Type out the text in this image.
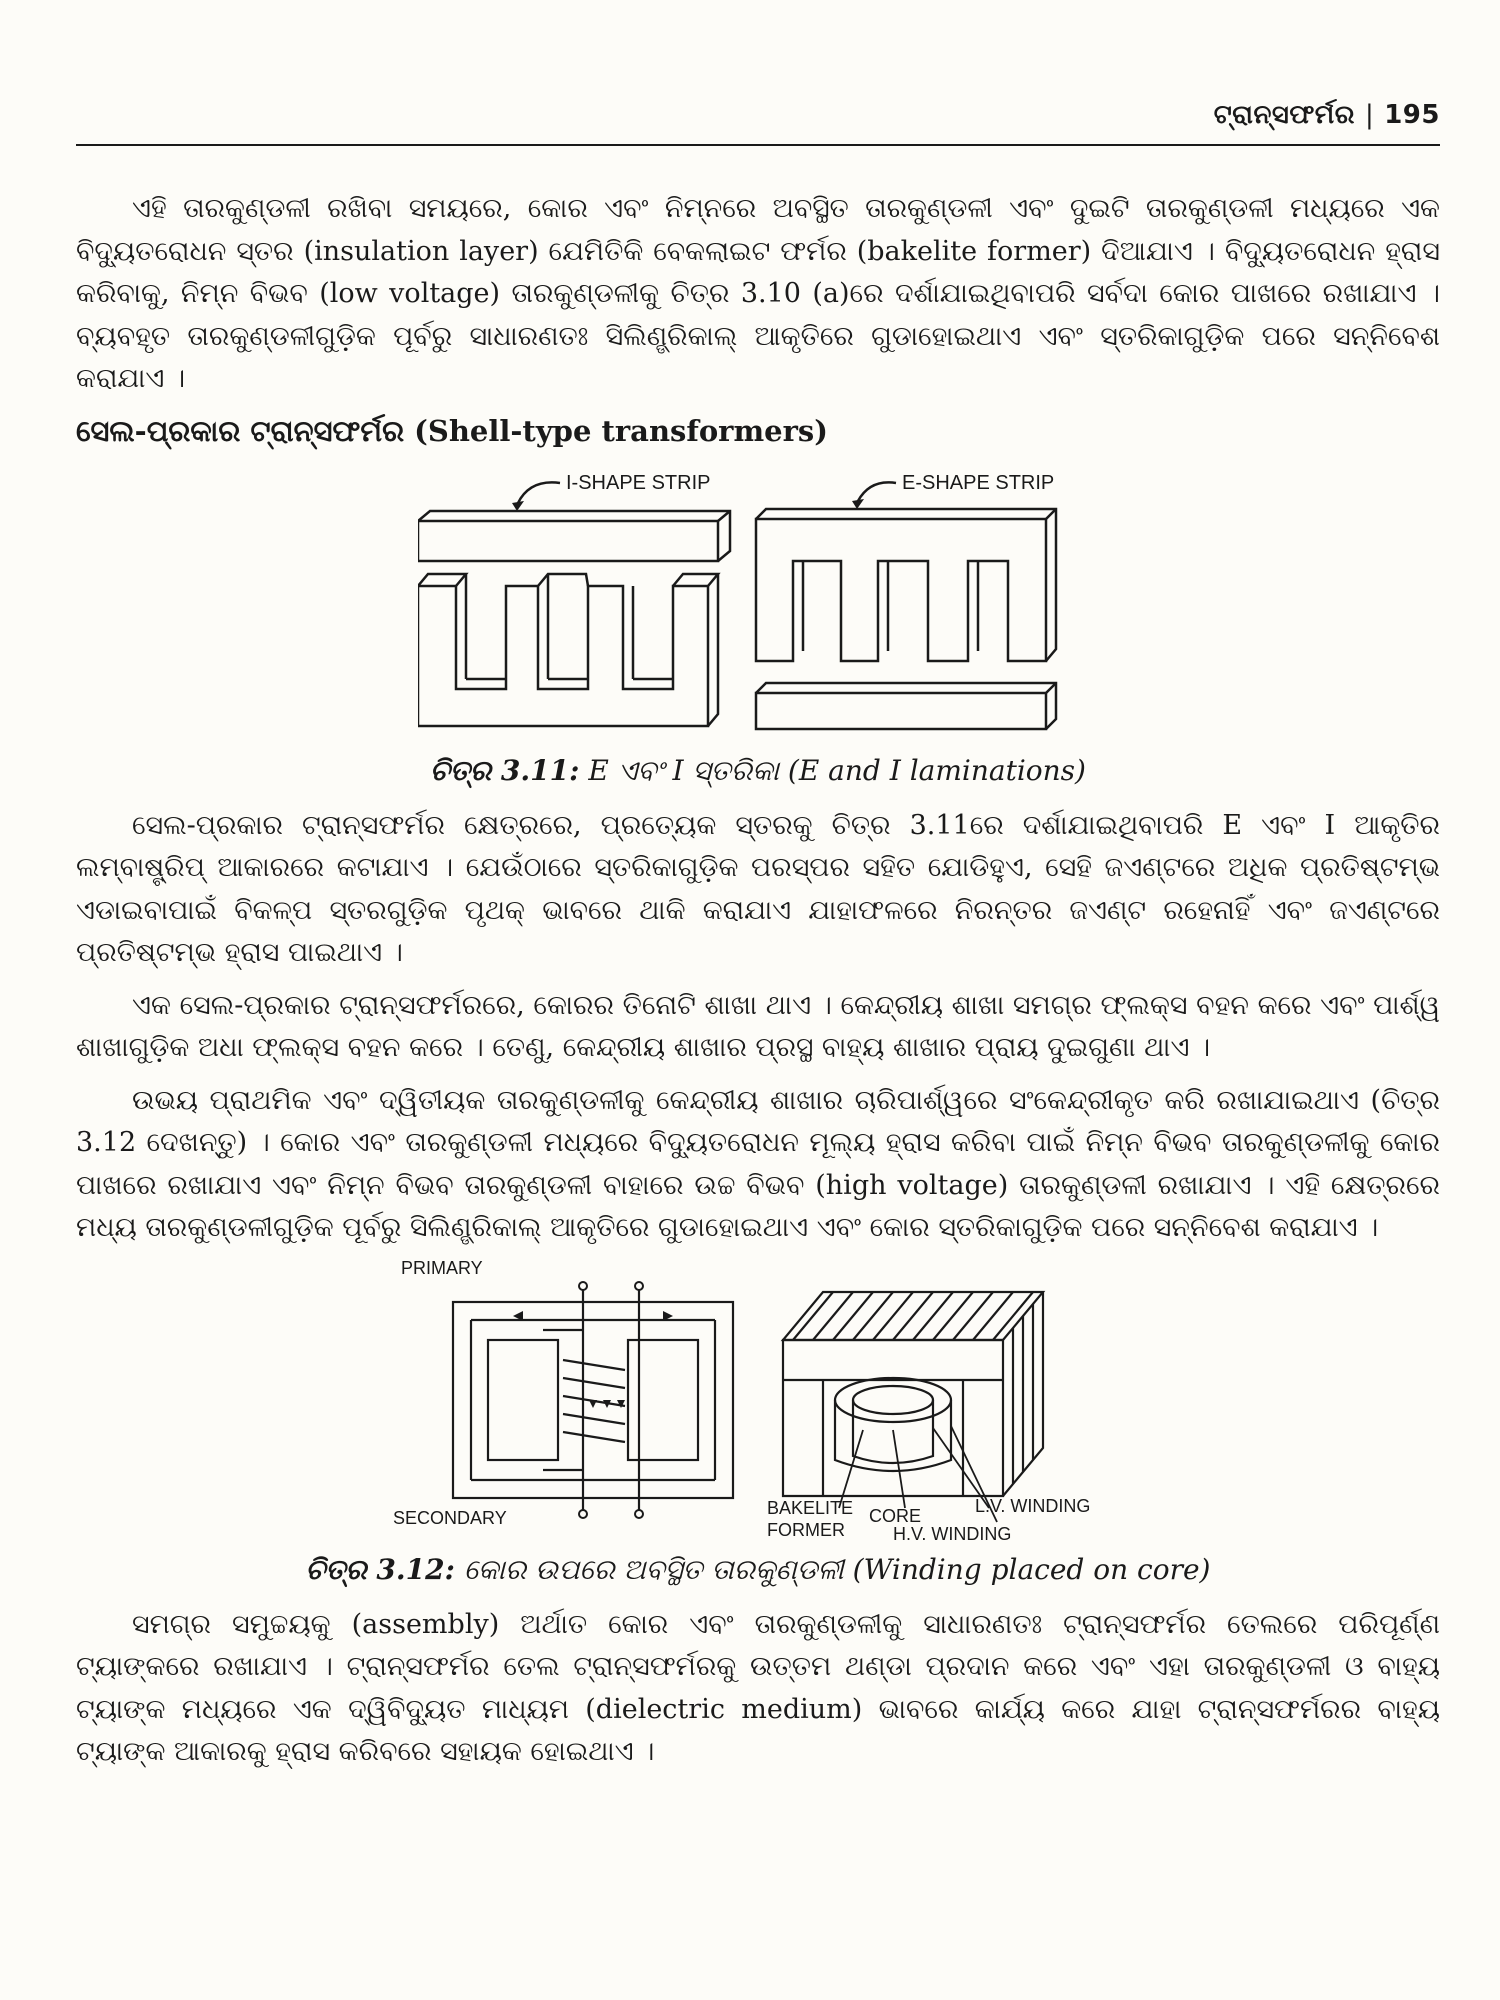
ଟ୍ରାନ୍ସଫର୍ମର | 195

ଏହି ତାରକୁଣ୍ଡଳୀ ରଖିବା ସମୟରେ, କୋର ଏବଂ ନିମ୍ନରେ ଅବସ୍ଥିତ ତାରକୁଣ୍ଡଳୀ ଏବଂ ଦୁଇଟି ତାରକୁଣ୍ଡଳୀ ମଧ୍ୟରେ ଏକ ବିଦ୍ୟୁତରୋଧନ ସ୍ତର (insulation layer) ଯେମିତିକି ବେକଲାଇଟ ଫର୍ମର (bakelite former) ଦିଆଯାଏ । ବିଦ୍ୟୁତରୋଧନ ହ୍ରାସ କରିବାକୁ, ନିମ୍ନ ବିଭବ (low voltage) ତାରକୁଣ୍ଡଳୀକୁ ଚିତ୍ର 3.10 (a)ରେ ଦର୍ଶାଯାଇଥିବାପରି ସର୍ବଦା କୋର ପାଖରେ ରଖାଯାଏ । ବ୍ୟବହୃତ ତାରକୁଣ୍ଡଳୀଗୁଡ଼ିକ ପୂର୍ବରୁ ସାଧାରଣତଃ ସିଲିଣ୍ଡ୍ରିକାଲ୍ ଆକୃତିରେ ଗୁଡାହୋଇଥାଏ ଏବଂ ସ୍ତରିକାଗୁଡ଼ିକ ପରେ ସନ୍ନିବେଶ କରାଯାଏ ।

ସେଲ-ପ୍ରକାର ଟ୍ରାନ୍ସଫର୍ମର (Shell-type transformers)
I-SHAPE STRIP	E-SHAPE STRIP
ଚିତ୍ର 3.11: E ଏବଂ I ସ୍ତରିକା (E and I laminations)

ସେଲ-ପ୍ରକାର ଟ୍ରାନ୍ସଫର୍ମର କ୍ଷେତ୍ରରେ, ପ୍ରତ୍ୟେକ ସ୍ତରକୁ ଚିତ୍ର 3.11ରେ ଦର୍ଶାଯାଇଥିବାପରି E ଏବଂ I ଆକୃତିର ଲମ୍ବାଷ୍ଟ୍ରିପ୍ ଆକାରରେ କଟାଯାଏ । ଯେଉଁଠାରେ ସ୍ତରିକାଗୁଡ଼ିକ ପରସ୍ପର ସହିତ ଯୋଡିହୁଏ, ସେହି ଜଏଣ୍ଟରେ ଅଧିକ ପ୍ରତିଷ୍ଟମ୍ଭ ଏଡାଇବାପାଇଁ ବିକଳ୍ପ ସ୍ତରଗୁଡ଼ିକ ପୃଥକ୍ ଭାବରେ ଥାକି କରାଯାଏ ଯାହାଫଳରେ ନିରନ୍ତର ଜଏଣ୍ଟ ରହେନାହିଁ ଏବଂ ଜଏଣ୍ଟରେ ପ୍ରତିଷ୍ଟମ୍ଭ ହ୍ରାସ ପାଇଥାଏ ।

ଏକ ସେଲ-ପ୍ରକାର ଟ୍ରାନ୍ସଫର୍ମରରେ, କୋରର ତିନୋଟି ଶାଖା ଥାଏ । କେନ୍ଦ୍ରୀୟ ଶାଖା ସମଗ୍ର ଫ୍ଲକ୍ସ ବହନ କରେ ଏବଂ ପାର୍ଶ୍ୱ ଶାଖାଗୁଡ଼ିକ ଅଧା ଫ୍ଲକ୍ସ ବହନ କରେ । ତେଣୁ, କେନ୍ଦ୍ରୀୟ ଶାଖାର ପ୍ରସ୍ଥ ବାହ୍ୟ ଶାଖାର ପ୍ରାୟ ଦୁଇଗୁଣା ଥାଏ ।

ଉଭୟ ପ୍ରାଥମିକ ଏବଂ ଦ୍ୱିତୀୟକ ତାରକୁଣ୍ଡଳୀକୁ କେନ୍ଦ୍ରୀୟ ଶାଖାର ଚାରିପାର୍ଶ୍ୱରେ ସଂକେନ୍ଦ୍ରୀକୃତ କରି ରଖାଯାଇଥାଏ (ଚିତ୍ର 3.12 ଦେଖନ୍ତୁ) । କୋର ଏବଂ ତାରକୁଣ୍ଡଳୀ ମଧ୍ୟରେ ବିଦ୍ୟୁତରୋଧନ ମୂଲ୍ୟ ହ୍ରାସ କରିବା ପାଇଁ ନିମ୍ନ ବିଭବ ତାରକୁଣ୍ଡଳୀକୁ କୋର ପାଖରେ ରଖାଯାଏ ଏବଂ ନିମ୍ନ ବିଭବ ତାରକୁଣ୍ଡଳୀ ବାହାରେ ଉଚ୍ଚ ବିଭବ (high voltage) ତାରକୁଣ୍ଡଳୀ ରଖାଯାଏ । ଏହି କ୍ଷେତ୍ରରେ ମଧ୍ୟ ତାରକୁଣ୍ଡଳୀଗୁଡ଼ିକ ପୂର୍ବରୁ ସିଲିଣ୍ଡ୍ରିକାଲ୍ ଆକୃତିରେ ଗୁଡାହୋଇଥାଏ ଏବଂ କୋର ସ୍ତରିକାଗୁଡ଼ିକ ପରେ ସନ୍ନିବେଶ କରାଯାଏ ।

PRIMARY
SECONDARY	BAKELITE
FORMER
CORE	L.V. WINDING
H.V. WINDING
ଚିତ୍ର 3.12: କୋର ଉପରେ ଅବସ୍ଥିତ ତାରକୁଣ୍ଡଳୀ (Winding placed on core)

ସମଗ୍ର ସମୁଚ୍ଚୟକୁ (assembly) ଅର୍ଥାତ କୋର ଏବଂ ତାରକୁଣ୍ଡଳୀକୁ ସାଧାରଣତଃ ଟ୍ରାନ୍ସଫର୍ମର ତେଲରେ ପରିପୂର୍ଣ୍ଣ ଟ୍ୟାଙ୍କରେ ରଖାଯାଏ । ଟ୍ରାନ୍ସଫର୍ମର ତେଲ ଟ୍ରାନ୍ସଫର୍ମରକୁ ଉତ୍ତମ ଥଣ୍ଡା ପ୍ରଦାନ କରେ ଏବଂ ଏହା ତାରକୁଣ୍ଡଳୀ ଓ ବାହ୍ୟ ଟ୍ୟାଙ୍କ ମଧ୍ୟରେ ଏକ ଦ୍ୱିବିଦ୍ୟୁତ ମାଧ୍ୟମ (dielectric medium) ଭାବରେ କାର୍ଯ୍ୟ କରେ ଯାହା ଟ୍ରାନ୍ସଫର୍ମରର ବାହ୍ୟ ଟ୍ୟାଙ୍କ ଆକାରକୁ ହ୍ରାସ କରିବରେ ସହାୟକ ହୋଇଥାଏ ।
